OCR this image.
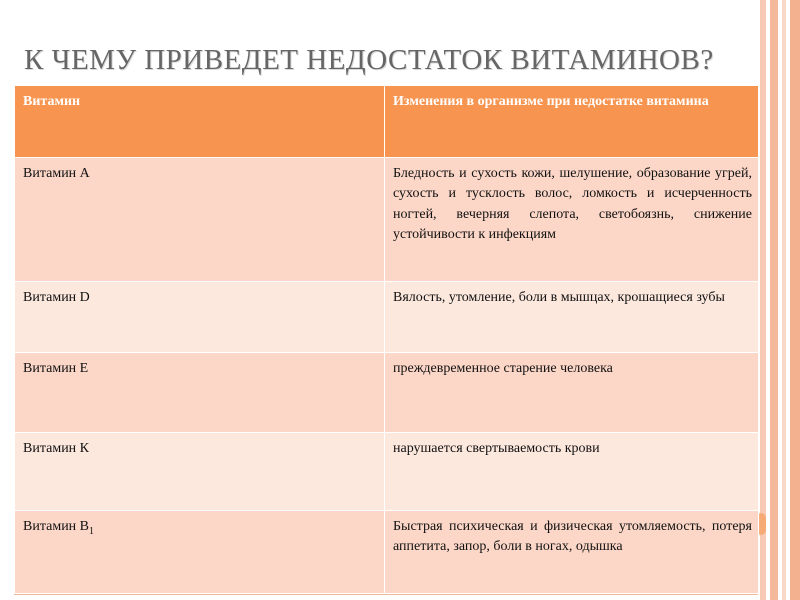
К ЧЕМУ ПРИВЕДЕТ НЕДОСТАТОК ВИТАМИНОВ?
Витамин	Изменения в организме при недостатке витамина
Витамин А	Бледность и сухость кожи, шелушение, образование угрей, сухость и тусклость волос, ломкость и исчерченность ногтей, вечерняя слепота, светобоязнь, снижение устойчивости к инфекциям
Витамин D	Вялость, утомление, боли в мышцах, крошащиеся зубы
Витамин Е	преждевременное старение человека
Витамин К	нарушается свертываемость крови
Витамин $B_1$	Быстрая психическая и физическая утомляемость, потеря аппетита, запор, боли в ногах, одышка
